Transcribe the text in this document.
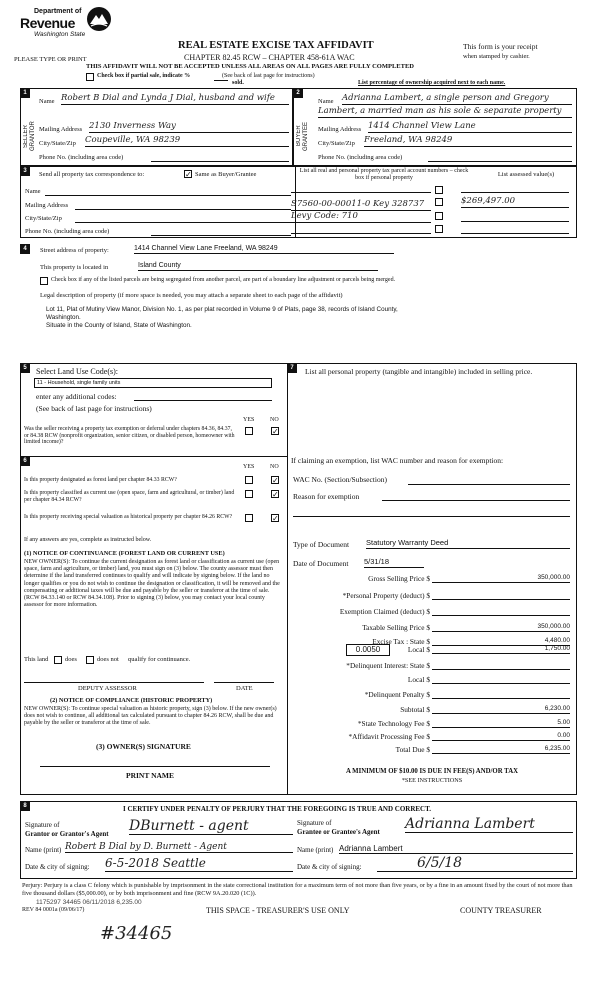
Department of
Revenue
Washington State
PLEASE TYPE OR PRINT
REAL ESTATE EXCISE TAX AFFIDAVIT
CHAPTER 82.45 RCW – CHAPTER 458-61A WAC
THIS AFFIDAVIT WILL NOT BE ACCEPTED UNLESS ALL AREAS ON ALL PAGES ARE FULLY COMPLETED
This form is your receipt
when stamped by cashier.
Check box if partial sale, indicate %
sold.
(See back of last page for instructions)
List percentage of ownership acquired next to each name.
1
SELLER GRANTOR
Name Robert B Dial and Lynda J Dial, husband and wife
Mailing Address 2130 Inverness Way
City/State/Zip Coupeville, WA 98239
Phone No. (including area code)
2
BUYER GRANTEE
Name Adrianna Lambert, a single person and Gregory
Lambert, a married man as his sole & separate property
Mailing Address 1414 Channel View Lane
City/State/Zip Freeland, WA 98249
Phone No. (including area code)
3
Send all property tax correspondence to:	✓ Same as Buyer/Grantee
Name
Mailing Address
City/State/Zip
Phone No. (including area code)
List all real and personal property tax parcel account numbers – check box if personal property	List assessed value(s)
S7560-00-00011-0 Key 328737	$269,497.00
Levy Code: 710
4	Street address of property:	1414 Channel View Lane Freeland, WA 98249
This property is located in	Island County
Check box if any of the listed parcels are being segregated from another parcel, are part of a boundary line adjustment or parcels being merged.
Legal description of property (if more space is needed, you may attach a separate sheet to each page of the affidavit)
Lot 11, Plat of Mutiny View Manor, Division No. 1, as per plat recorded in Volume 9 of Plats, page 38, records of Island County,
Washington.
Situate in the County of Island, State of Washington.
5	Select Land Use Code(s):
11 - Household, single family units
enter any additional codes:
(See back of last page for instructions)
YES	NO
Was the seller receiving a property tax exemption or deferral under chapters 84.36, 84.37, or 84.38 RCW (nonprofit organization, senior citizen, or disabled person, homeowner with limited income)?
✓
6
YES	NO
Is this property designated as forest land per chapter 84.33 RCW?	✓
Is this property classified as current use (open space, farm and agricultural, or timber) land per chapter 84.34 RCW?
✓
Is this property receiving special valuation as historical property per chapter 84.26 RCW?	✓
If any answers are yes, complete as instructed below.
(1) NOTICE OF CONTINUANCE (FOREST LAND OR CURRENT USE)
NEW OWNER(S): To continue the current designation as forest land or classification as current use (open space, farm and agriculture, or timber) land, you must sign on (3) below. The county assessor must then determine if the land transferred continues to qualify and will indicate by signing below. If the land no longer qualifies or you do not wish to continue the designation or classification, it will be removed and the compensating or additional taxes will be due and payable by the seller or transferor at the time of sale. (RCW 84.33.140 or RCW 84.34.108). Prior to signing (3) below, you may contact your local county assessor for more information.
This land	does	does not qualify for continuance.
DEPUTY ASSESSOR	DATE
(2) NOTICE OF COMPLIANCE (HISTORIC PROPERTY)
NEW OWNER(S): To continue special valuation as historic property, sign (3) below. If the new owner(s) does not wish to continue, all additional tax calculated pursuant to chapter 84.26 RCW, shall be due and payable by the seller or transferor at the time of sale.
(3) OWNER(S) SIGNATURE
PRINT NAME
7	List all personal property (tangible and intangible) included in selling price.
If claiming an exemption, list WAC number and reason for exemption:
WAC No. (Section/Subsection)
Reason for exemption
Type of Document Statutory Warranty Deed
Date of Document 5/31/18
Gross Selling Price $	350,000.00
*Personal Property (deduct) $
Exemption Claimed (deduct) $
Taxable Selling Price $	350,000.00
Excise Tax : State $	4,480.00
Local $	1,750.00
*Delinquent Interest: State $
Local $
*Delinquent Penalty $
Subtotal $	6,230.00
*State Technology Fee $	5.00
*Affidavit Processing Fee $	0.00
Total Due $	6,235.00
0.0050
A MINIMUM OF $10.00 IS DUE IN FEE(S) AND/OR TAX
*SEE INSTRUCTIONS
8	I CERTIFY UNDER PENALTY OF PERJURY THAT THE FOREGOING IS TRUE AND CORRECT.
Signature of
Grantor or Grantor's Agent DBurnett - agent
Name (print) Robert B Dial by D. Burnett - Agent
Date & city of signing: 6-5-2018 Seattle
Signature of
Grantee or Grantee's Agent Adrianna Lambert
Name (print) Adrianna Lambert
Date & city of signing:	6/5/18
Perjury: Perjury is a class C felony which is punishable by imprisonment in the state correctional institution for a maximum term of not more than five years, or by a fine in an amount fixed by the court of not more than five thousand dollars ($5,000.00), or by both imprisonment and fine (RCW 9A.20.020 (1C)).
REV 84 0001a (09/06/17)
1175297 34465 06/11/2018 6,235.00
THIS SPACE - TREASURER'S USE ONLY	COUNTY TREASURER
#34465
